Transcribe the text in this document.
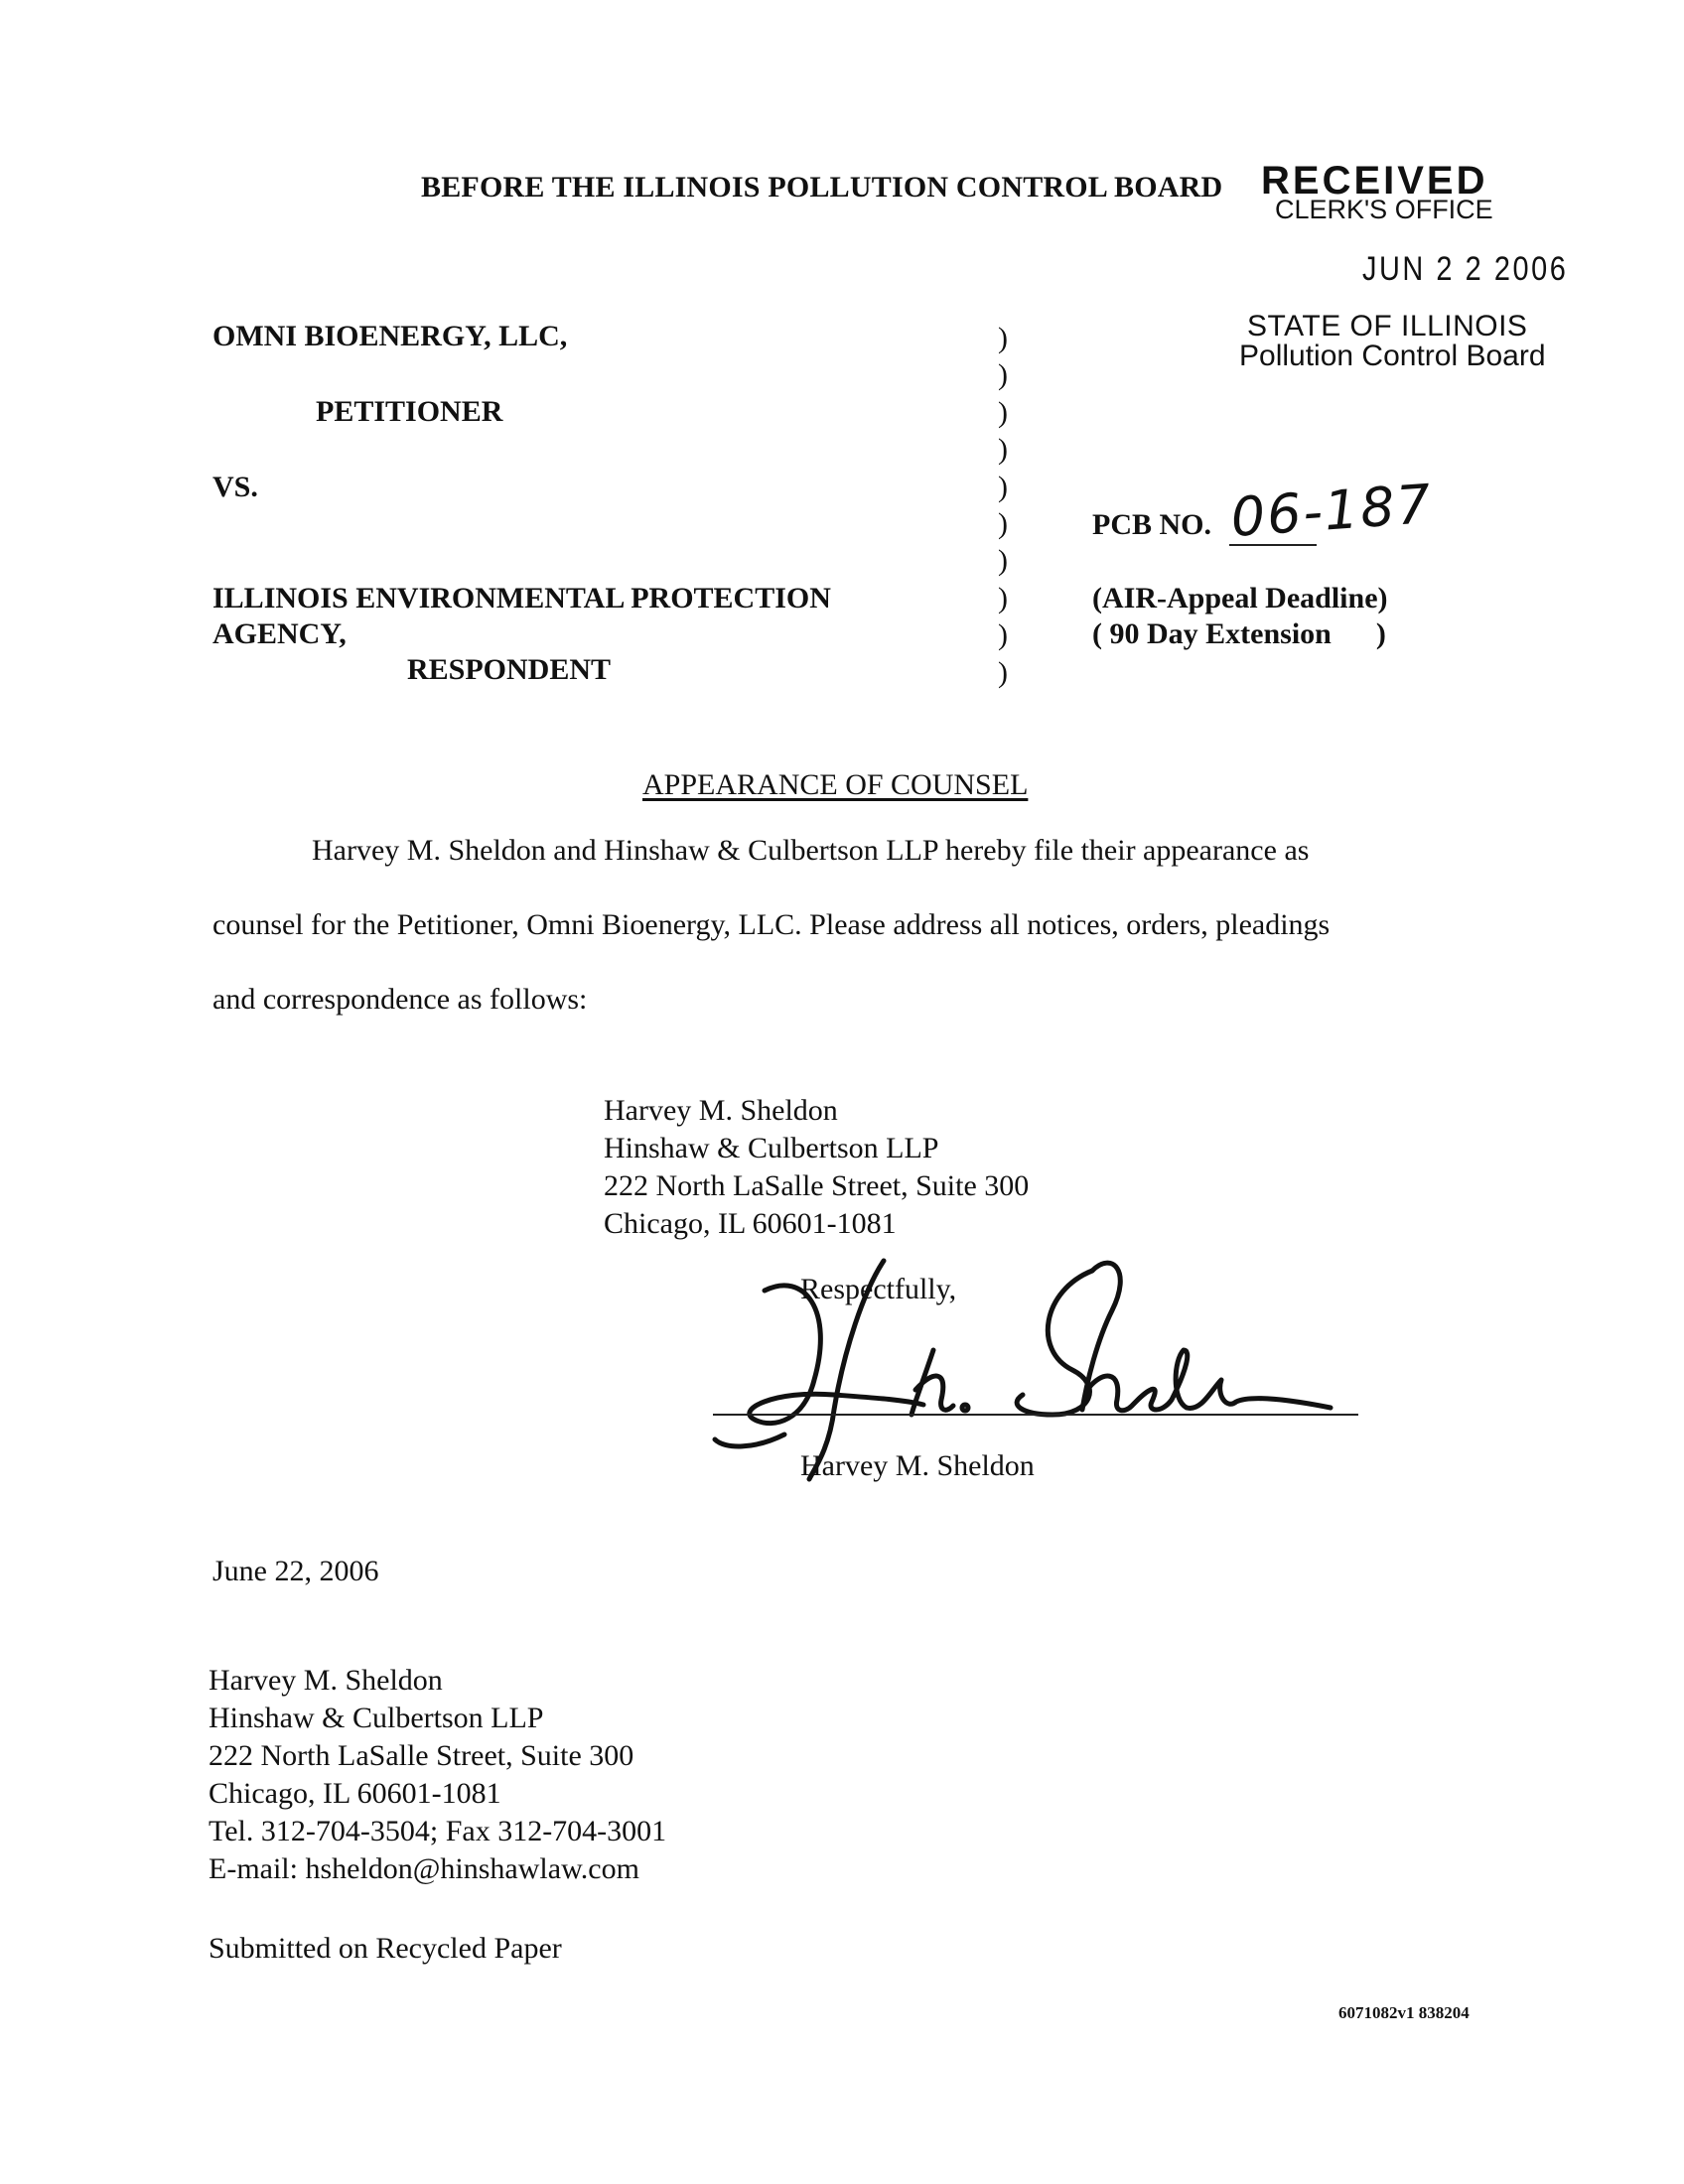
BEFORE THE ILLINOIS POLLUTION CONTROL BOARD RECEIVED
CLERK'S OFFICE
JUN 2 2 2006
STATE OF ILLINOIS
Pollution Control Board
OMNI BIOENERGY, LLC,
PETITIONER
VS.
ILLINOIS ENVIRONMENTAL PROTECTION
AGENCY,
RESPONDENT
)
)
)
)
)
)
)
)
)
)
PCB NO. 06-187
(AIR-Appeal Deadline)
( 90 Day Extension      )
APPEARANCE OF COUNSEL
Harvey M. Sheldon and Hinshaw & Culbertson LLP hereby file their appearance as
counsel for the Petitioner, Omni Bioenergy, LLC. Please address all notices, orders, pleadings
and correspondence as follows:
Harvey M. Sheldon
Hinshaw & Culbertson LLP
222 North LaSalle Street, Suite 300
Chicago, IL 60601-1081
Respectfully,
Harvey M. Sheldon
June 22, 2006
Harvey M. Sheldon
Hinshaw & Culbertson LLP
222 North LaSalle Street, Suite 300
Chicago, IL 60601-1081
Tel. 312-704-3504; Fax 312-704-3001
E-mail: hsheldon@hinshawlaw.com
Submitted on Recycled Paper
6071082v1 838204
